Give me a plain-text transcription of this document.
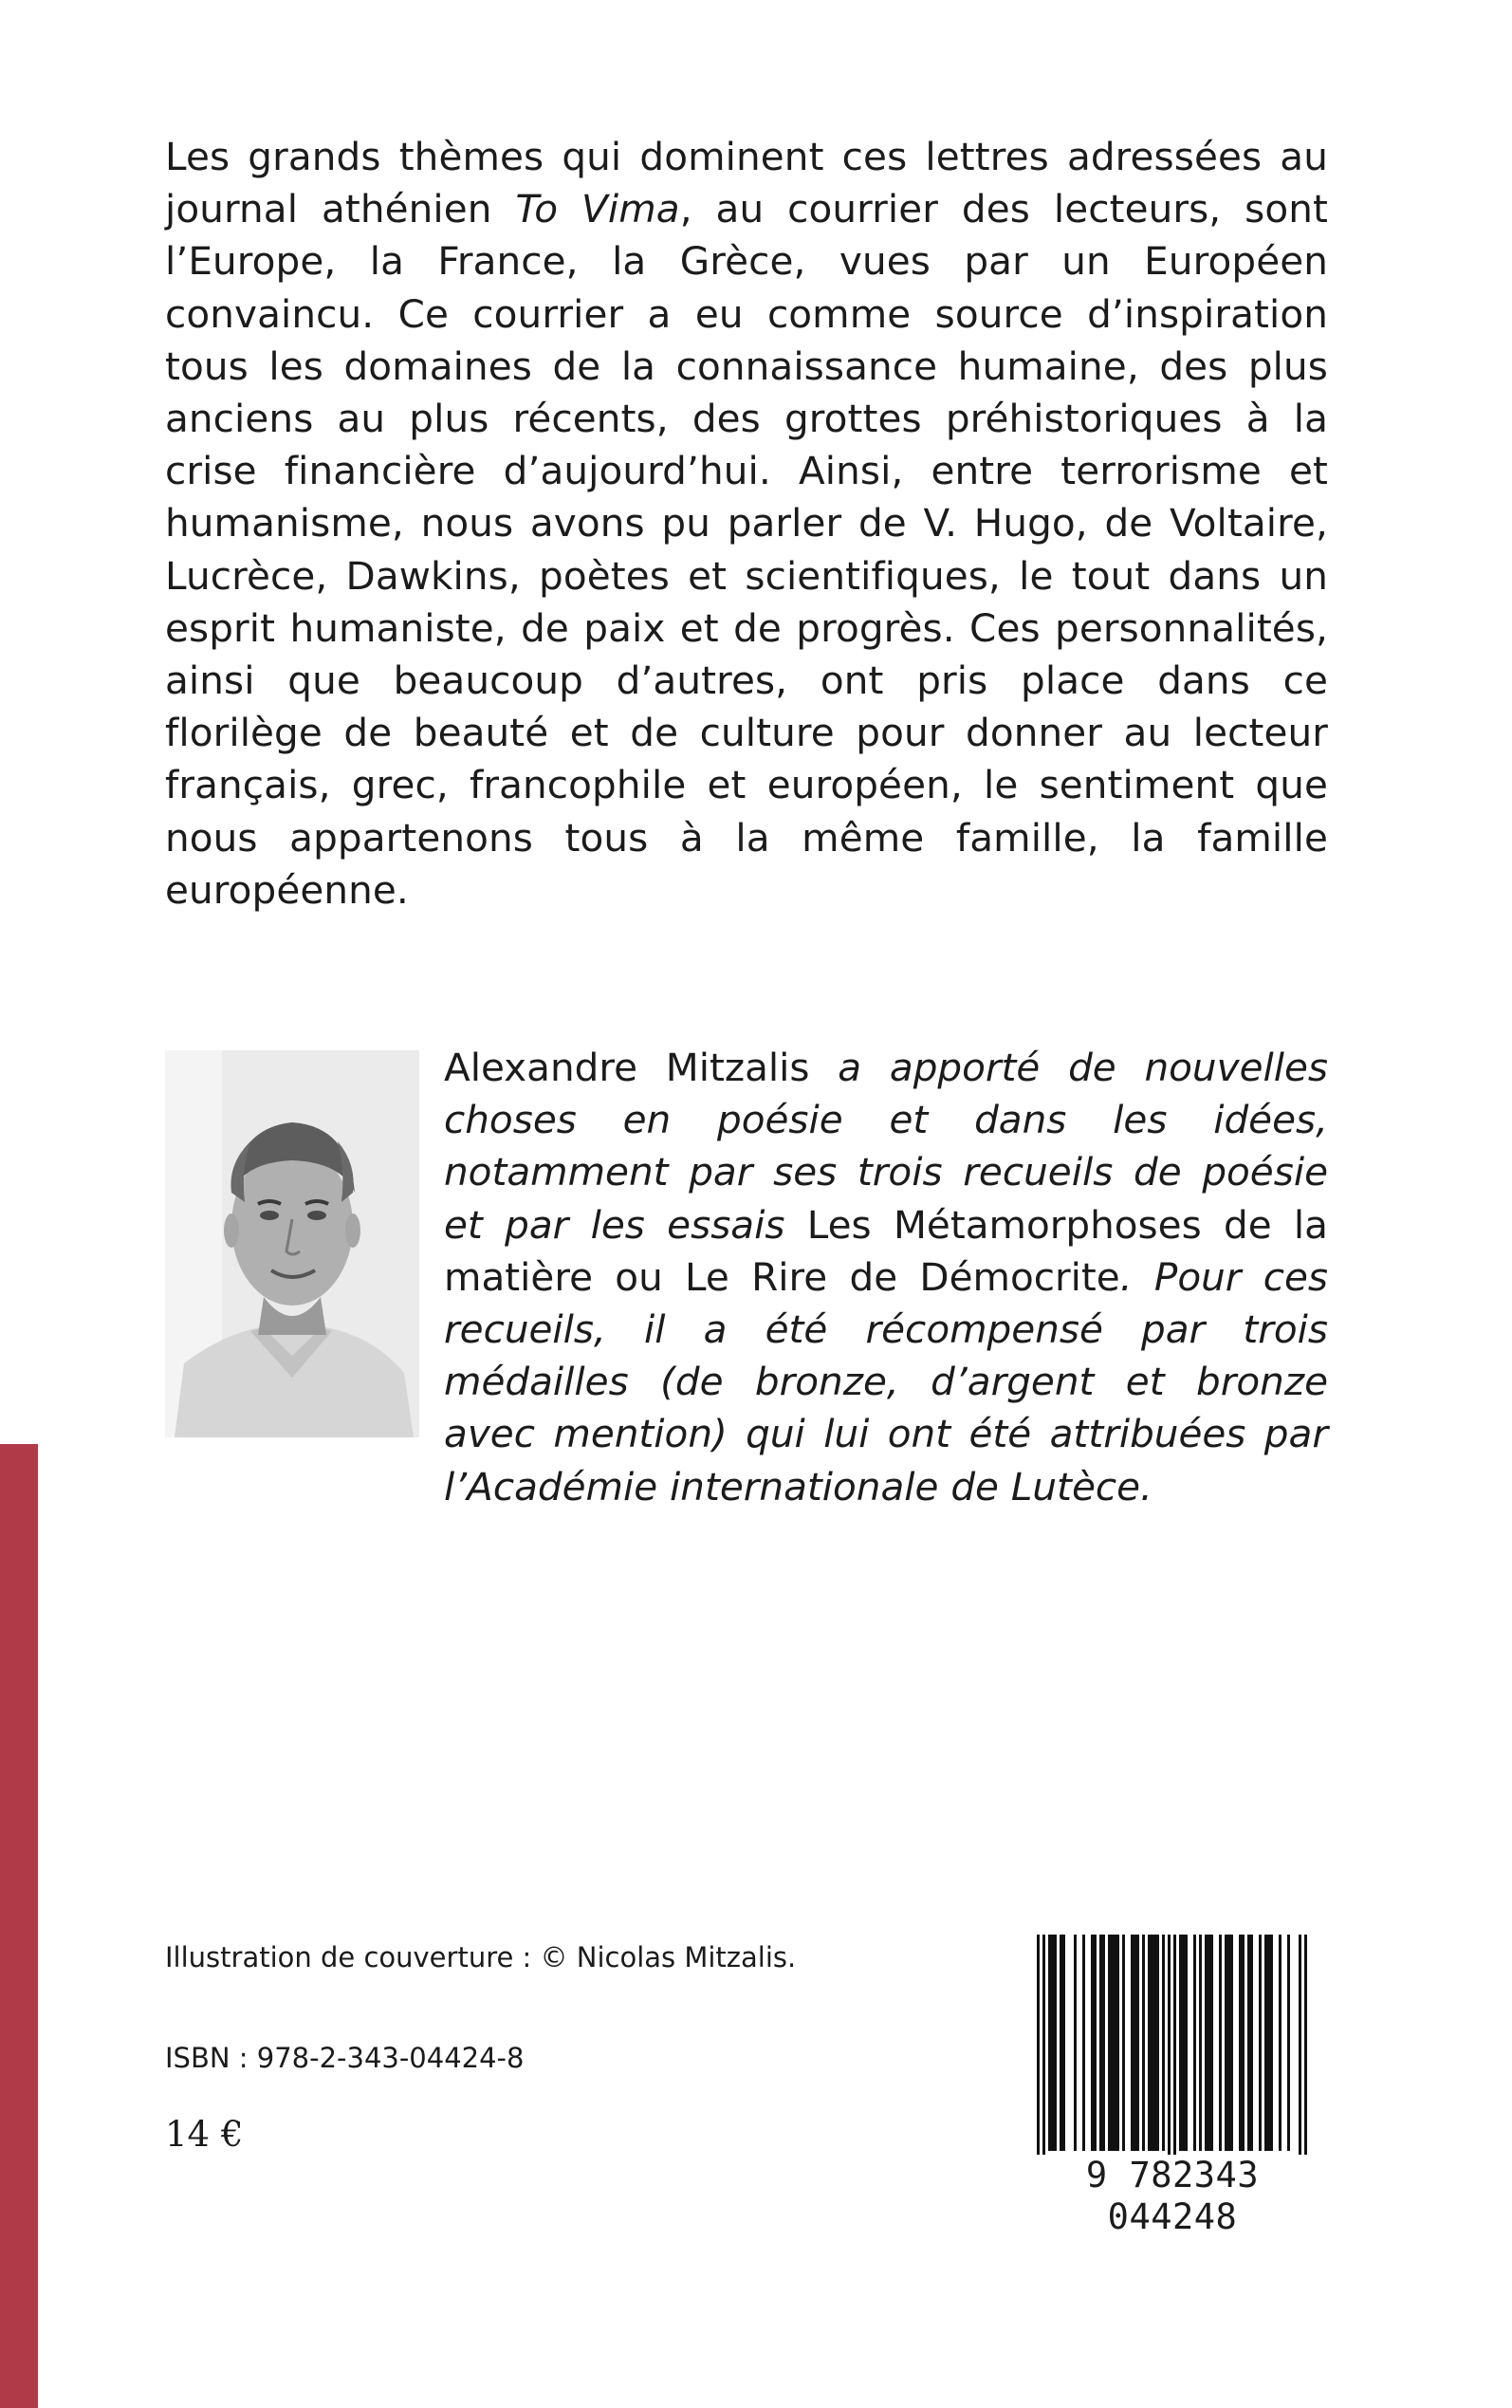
Les grands thèmes qui dominent ces lettres adressées au journal athénien To Vima, au courrier des lecteurs, sont l’Europe, la France, la Grèce, vues par un Européen convaincu. Ce courrier a eu comme source d’inspiration tous les domaines de la connaissance humaine, des plus anciens au plus récents, des grottes préhistoriques à la crise financière d’aujourd’hui. Ainsi, entre terrorisme et humanisme, nous avons pu parler de V. Hugo, de Voltaire, Lucrèce, Dawkins, poètes et scientifiques, le tout dans un esprit humaniste, de paix et de progrès. Ces personnalités, ainsi que beaucoup d’autres, ont pris place dans ce florilège de beauté et de culture pour donner au lecteur français, grec, francophile et européen, le sentiment que nous appartenons tous à la même famille, la famille européenne.

Alexandre Mitzalis a apporté de nouvelles choses en poésie et dans les idées, notamment par ses trois recueils de poésie et par les essais Les Métamorphoses de la matière ou Le Rire de Démocrite. Pour ces recueils, il a été récompensé par trois médailles (de bronze, d’argent et bronze avec mention) qui lui ont été attribuées par l’Académie internationale de Lutèce.

Illustration de couverture : © Nicolas Mitzalis.
ISBN : 978-2-343-04424-8
14 €
9 782343 044248
